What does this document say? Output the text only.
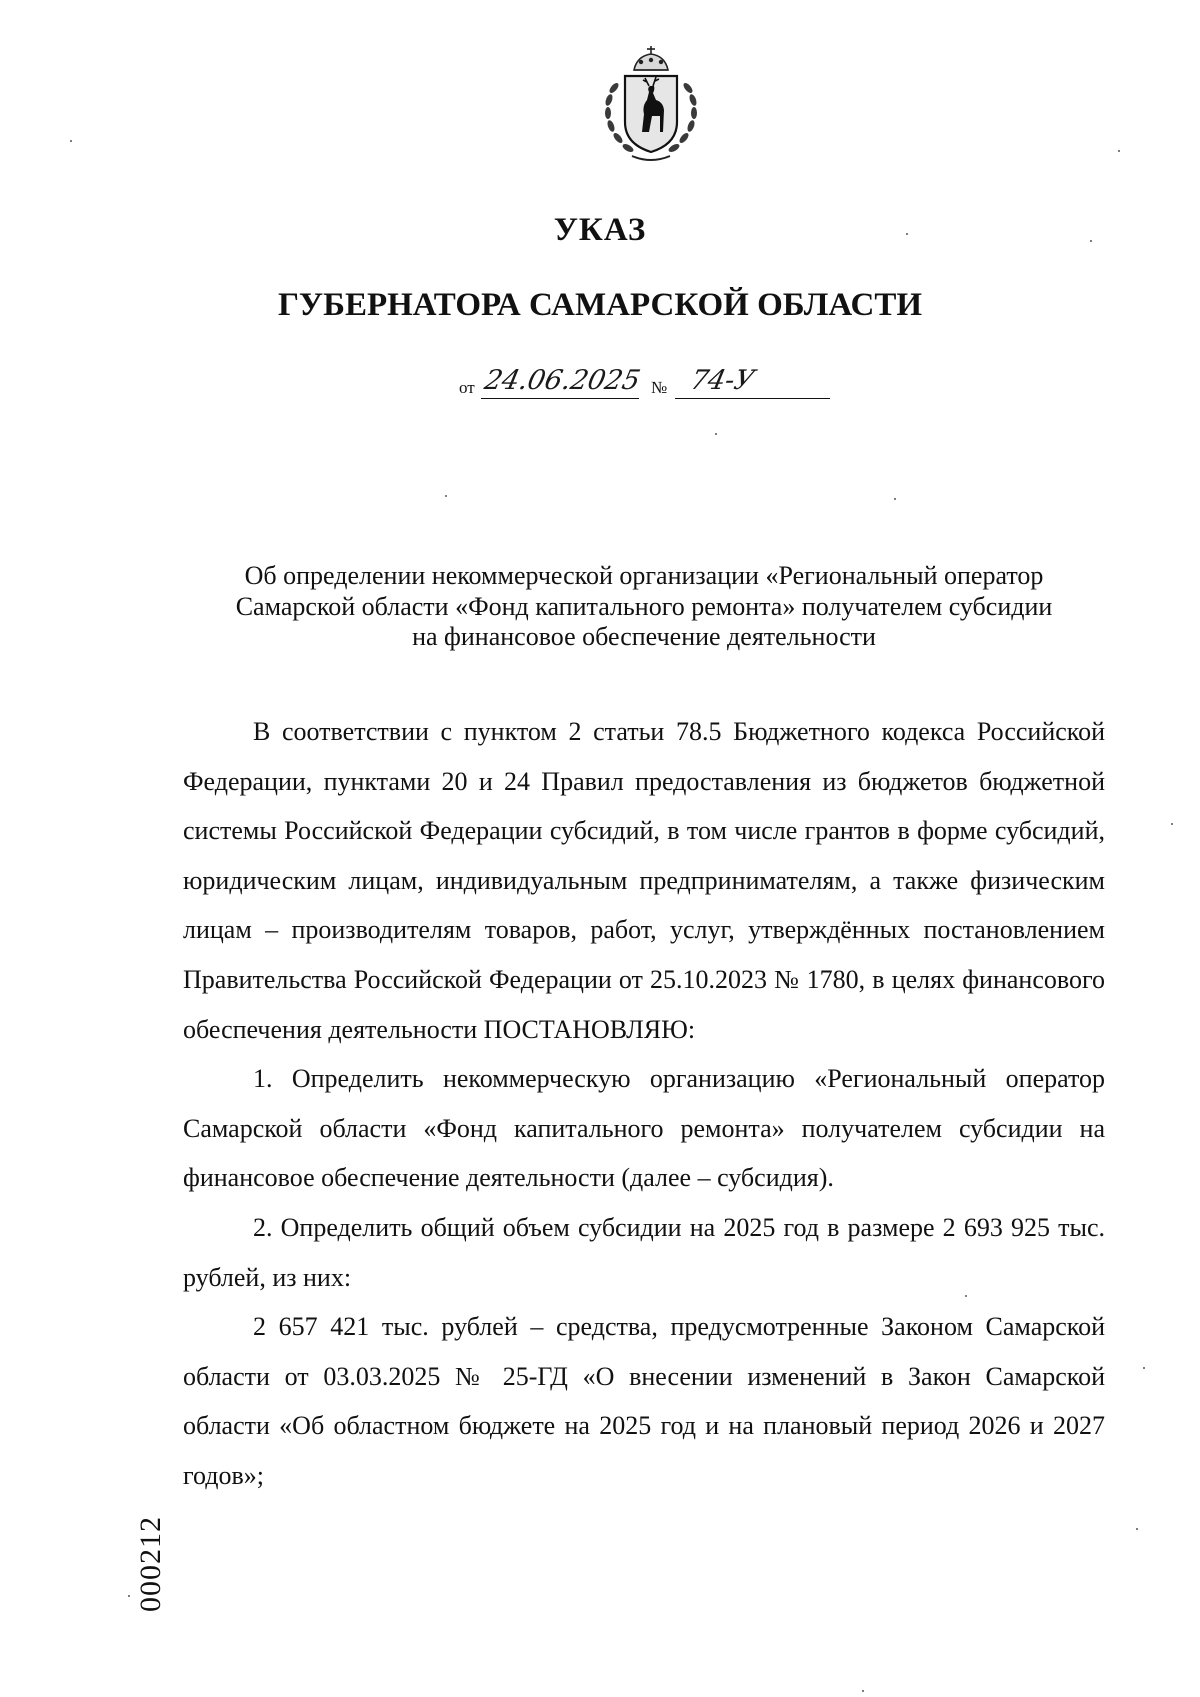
УКАЗ
ГУБЕРНАТОРА САМАРСКОЙ ОБЛАСТИ
от 24.06.2025 № 74-У
Об определении некоммерческой организации «Региональный оператор
Самарской области «Фонд капитального ремонта» получателем субсидии
на финансовое обеспечение деятельности

В соответствии с пунктом 2 статьи 78.5 Бюджетного кодекса Российской Федерации, пунктами 20 и 24 Правил предоставления из бюджетов бюджетной системы Российской Федерации субсидий, в том числе грантов в форме субсидий, юридическим лицам, индивидуальным предпринимателям, а также физическим лицам – производителям товаров, работ, услуг, утверждённых постановлением Правительства Российской Федерации от 25.10.2023 № 1780, в целях финансового обеспечения деятельности ПОСТАНОВЛЯЮ:

1. Определить некоммерческую организацию «Региональный оператор Самарской области «Фонд капитального ремонта» получателем субсидии на финансовое обеспечение деятельности (далее – субсидия).

2. Определить общий объем субсидии на 2025 год в размере 2 693 925 тыс. рублей, из них:

2 657 421 тыс. рублей – средства, предусмотренные Законом Самарской области от 03.03.2025 № 25-ГД «О внесении изменений в Закон Самарской области «Об областном бюджете на 2025 год и на плановый период 2026 и 2027 годов»;

000212
